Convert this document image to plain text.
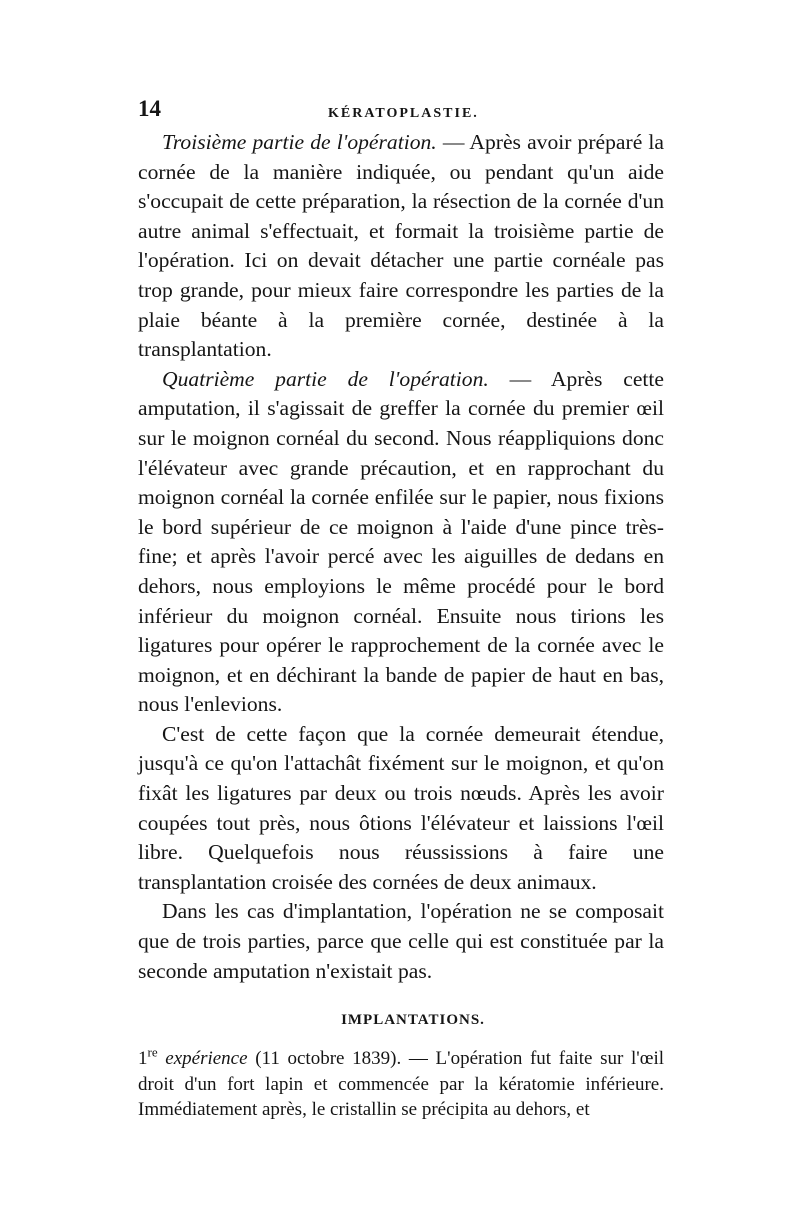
14	KÉRATOPLASTIE.

Troisième partie de l'opération. — Après avoir préparé la cornée de la manière indiquée, ou pendant qu'un aide s'occupait de cette préparation, la résection de la cornée d'un autre animal s'effectuait, et formait la troisième partie de l'opération. Ici on devait détacher une partie cornéale pas trop grande, pour mieux faire correspondre les parties de la plaie béante à la première cornée, destinée à la transplantation.

Quatrième partie de l'opération. — Après cette amputation, il s'agissait de greffer la cornée du premier œil sur le moignon cornéal du second. Nous réappliquions donc l'élévateur avec grande précaution, et en rapprochant du moignon cornéal la cornée enfilée sur le papier, nous fixions le bord supérieur de ce moignon à l'aide d'une pince très-fine; et après l'avoir percé avec les aiguilles de dedans en dehors, nous employions le même procédé pour le bord inférieur du moignon cornéal. Ensuite nous tirions les ligatures pour opérer le rapprochement de la cornée avec le moignon, et en déchirant la bande de papier de haut en bas, nous l'enlevions.

C'est de cette façon que la cornée demeurait étendue, jusqu'à ce qu'on l'attachât fixément sur le moignon, et qu'on fixât les ligatures par deux ou trois nœuds. Après les avoir coupées tout près, nous ôtions l'élévateur et laissions l'œil libre. Quelquefois nous réussissions à faire une transplantation croisée des cornées de deux animaux.

Dans les cas d'implantation, l'opération ne se composait que de trois parties, parce que celle qui est constituée par la seconde amputation n'existait pas.

IMPLANTATIONS.

1re expérience (11 octobre 1839). — L'opération fut faite sur l'œil droit d'un fort lapin et commencée par la kératomie inférieure. Immédiatement après, le cristallin se précipita au dehors, et
